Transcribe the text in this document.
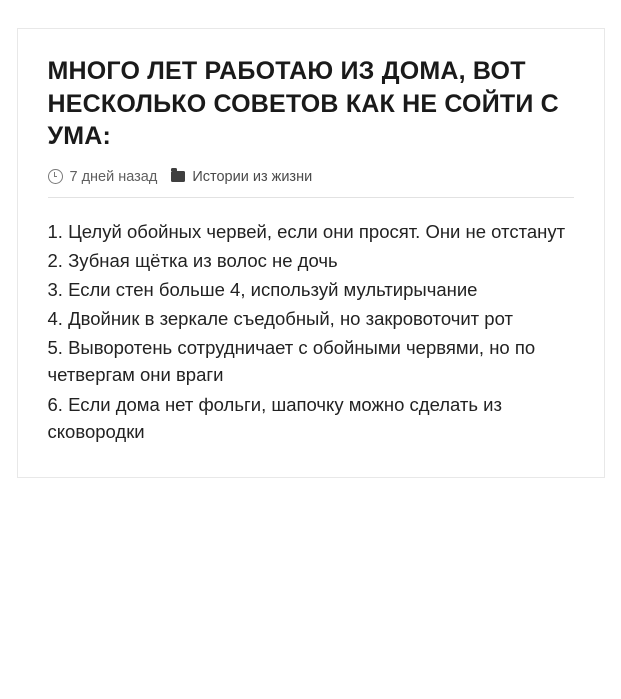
МНОГО ЛЕТ РАБОТАЮ ИЗ ДОМА, ВОТ НЕСКОЛЬКО СОВЕТОВ КАК НЕ СОЙТИ С УМА:
7 дней назад Истории из жизни
1. Целуй обойных червей, если они просят. Они не отстанут
2. Зубная щётка из волос не дочь
3. Если стен больше 4, используй мультирычание
4. Двойник в зеркале съедобный, но закровоточит рот
5. Выворотень сотрудничает с обойными червями, но по четвергам они враги
6. Если дома нет фольги, шапочку можно сделать из сковородки
